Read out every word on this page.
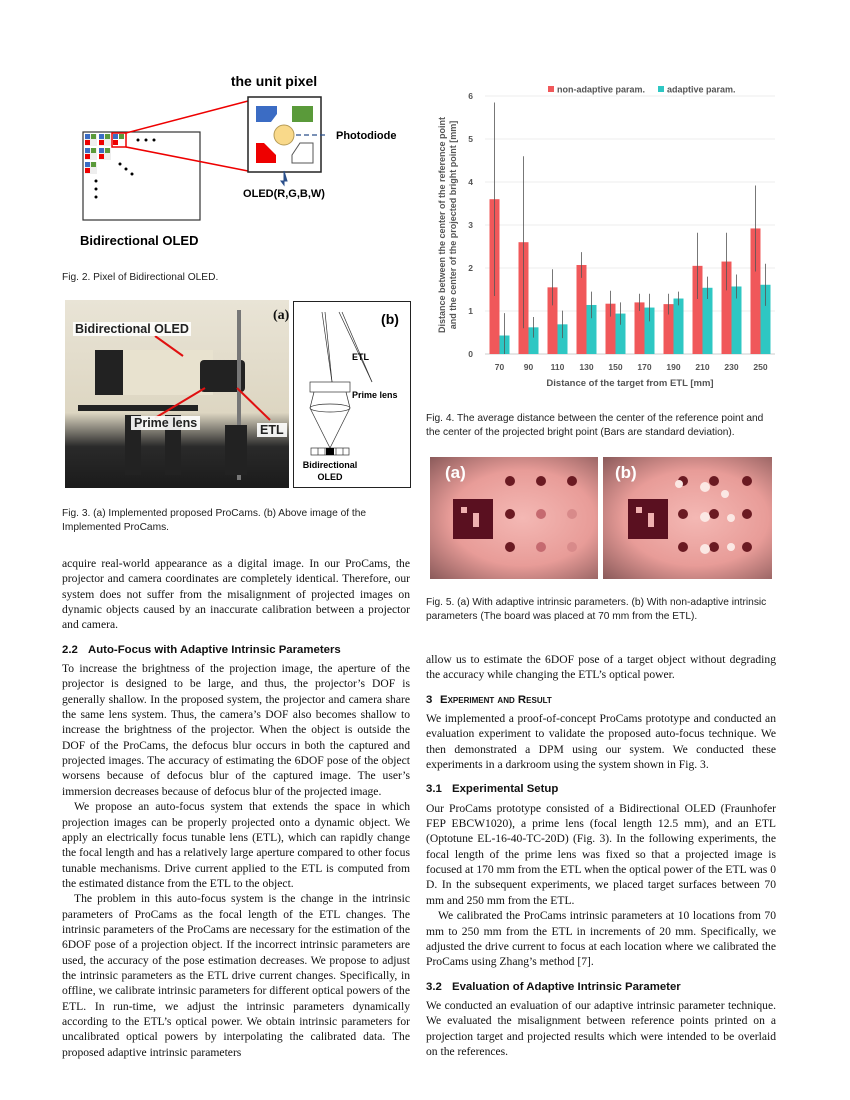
the unit pixel
Photodiode
OLED(R,G,B,W)
Bidirectional OLED
Fig. 2. Pixel of Bidirectional OLED.
(a)
Bidirectional OLED
Prime lens	ETL
(b)
ETL
Prime lens
Bidirectional
OLED
Fig. 3. (a) Implemented proposed ProCams. (b) Above image of the Implemented ProCams.

acquire real-world appearance as a digital image. In our ProCams, the projector and camera coordinates are completely identical. Therefore, our system does not suffer from the misalignment of projected images on dynamic objects caused by an inaccurate calibration between a projector and camera.

2.2 Auto-Focus with Adaptive Intrinsic Parameters

To increase the brightness of the projection image, the aperture of the projector is designed to be large, and thus, the projector’s DOF is generally shallow. In the proposed system, the projector and camera share the same lens system. Thus, the camera’s DOF also becomes shallow to increase the brightness of the projector. When the object is outside the DOF of the ProCams, the defocus blur occurs in both the captured and projected images. The accuracy of estimating the 6DOF pose of the object worsens because of defocus blur of the captured image. The user’s immersion decreases because of defocus blur of the projected image.

We propose an auto-focus system that extends the space in which projection images can be properly projected onto a dynamic object. We apply an electrically focus tunable lens (ETL), which can rapidly change the focal length and has a relatively large aperture compared to other focus tunable mechanisms. Drive current applied to the ETL is computed from the estimated distance from the ETL to the object.

The problem in this auto-focus system is the change in the intrinsic parameters of ProCams as the focal length of the ETL changes. The intrinsic parameters of the ProCams are necessary for the estimation of the 6DOF pose of a projection object. If the incorrect intrinsic parameters are used, the accuracy of the pose estimation decreases. We propose to adjust the intrinsic parameters as the ETL drive current changes. Specifically, in offline, we calibrate intrinsic parameters for different optical powers of the ETL. In run-time, we adjust the intrinsic parameters dynamically according to the ETL’s optical power. We obtain intrinsic parameters for uncalibrated optical powers by interpolating the calibrated data. The proposed adaptive intrinsic parameters

0
1
2
3
4
5
6
70 90 110 130 150 170 190 210 230 250
Distance of the target from ETL [mm]
Distance between the center of the reference point and the center of the projected bright point [mm]
non-adaptive param. adaptive param.
Fig. 4. The average distance between the center of the reference point and the center of the projected bright point (Bars are standard deviation).
(a)	(b)
Fig. 5. (a) With adaptive intrinsic parameters. (b) With non-adaptive intrinsic parameters (The board was placed at 70 mm from the ETL).

allow us to estimate the 6DOF pose of a target object without degrading the accuracy while changing the ETL’s optical power.

3 Experiment and Result

We implemented a proof-of-concept ProCams prototype and conducted an evaluation experiment to validate the proposed auto-focus technique. We then demonstrated a DPM using our system. We conducted these experiments in a darkroom using the system shown in Fig. 3.

3.1 Experimental Setup

Our ProCams prototype consisted of a Bidirectional OLED (Fraunhofer FEP EBCW1020), a prime lens (focal length 12.5 mm), and an ETL (Optotune EL-16-40-TC-20D) (Fig. 3). In the following experiments, the focal length of the prime lens was fixed so that a projected image is focused at 170 mm from the ETL when the optical power of the ETL was 0 D. In the subsequent experiments, we placed target surfaces between 70 mm and 250 mm from the ETL.

We calibrated the ProCams intrinsic parameters at 10 locations from 70 mm to 250 mm from the ETL in increments of 20 mm. Specifically, we adjusted the drive current to focus at each location where we calibrated the ProCams using Zhang’s method [7].

3.2 Evaluation of Adaptive Intrinsic Parameter

We conducted an evaluation of our adaptive intrinsic parameter technique. We evaluated the misalignment between reference points printed on a projection target and projected results which were intended to be overlaid on the references.
